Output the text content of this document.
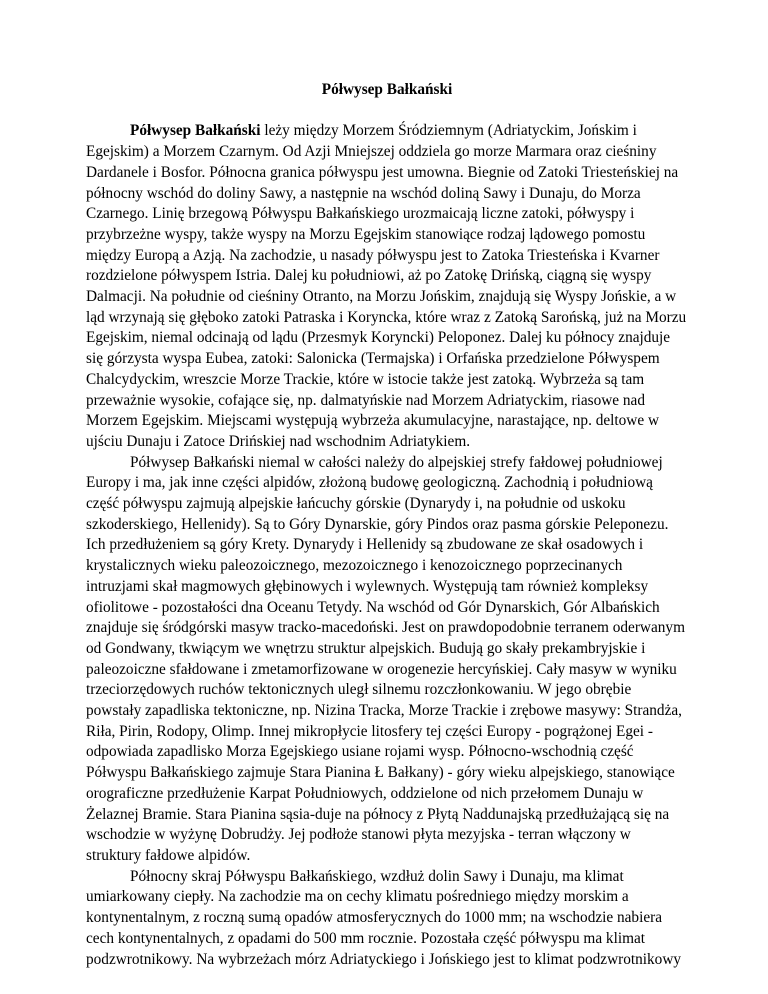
Półwysep Bałkański

Półwysep Bałkański leży między Morzem Śródziemnym (Adriatyckim, Jońskim i Egejskim) a Morzem Czarnym. Od Azji Mniejszej oddziela go morze Marmara oraz cieśniny Dardanele i Bosfor. Północna granica półwyspu jest umowna. Biegnie od Zatoki Triesteńskiej na północny wschód do doliny Sawy, a następnie na wschód doliną Sawy i Dunaju, do Morza Czarnego. Linię brzegową Półwyspu Bałkańskiego urozmaicają liczne zatoki, półwyspy i przybrzeżne wyspy, także wyspy na Morzu Egejskim stanowiące rodzaj lądowego pomostu między Europą a Azją. Na zachodzie, u nasady półwyspu jest to Zatoka Triesteńska i Kvarner rozdzielone półwyspem Istria. Dalej ku południowi, aż po Zatokę Drińską, ciągną się wyspy Dalmacji. Na południe od cieśniny Otranto, na Morzu Jońskim, znajdują się Wyspy Jońskie, a w ląd wrzynają się głęboko zatoki Patraska i Koryncka, które wraz z Zatoką Sarońską, już na Morzu Egejskim, niemal odcinają od lądu (Przesmyk Koryncki) Peloponez. Dalej ku północy znajduje się górzysta wyspa Eubea, zatoki: Salonicka (Termajska) i Orfańska przedzielone Półwyspem Chalcydyckim, wreszcie Morze Trackie, które w istocie także jest zatoką. Wybrzeża są tam przeważnie wysokie, cofające się, np. dalmatyńskie nad Morzem Adriatyckim, riasowe nad Morzem Egejskim. Miejscami występują wybrzeża akumulacyjne, narastające, np. deltowe w ujściu Dunaju i Zatoce Drińskiej nad wschodnim Adriatykiem.

Półwysep Bałkański niemal w całości należy do alpejskiej strefy fałdowej południowej Europy i ma, jak inne części alpidów, złożoną budowę geologiczną. Zachodnią i południową część półwyspu zajmują alpejskie łańcuchy górskie (Dynarydy i, na południe od uskoku szkoderskiego, Hellenidy). Są to Góry Dynarskie, góry Pindos oraz pasma górskie Peleponezu. Ich przedłużeniem są góry Krety. Dynarydy i Hellenidy są zbudowane ze skał osadowych i krystalicznych wieku paleozoicznego, mezozoicznego i kenozoicznego poprzecinanych intruzjami skał magmowych głębinowych i wylewnych. Występują tam również kompleksy ofiolitowe - pozostałości dna Oceanu Tetydy. Na wschód od Gór Dynarskich, Gór Albańskich znajduje się śródgórski masyw tracko-macedoński. Jest on prawdopodobnie terranem oderwanym od Gondwany, tkwiącym we wnętrzu struktur alpejskich. Budują go skały prekambryjskie i paleozoiczne sfałdowane i zmetamorfizowane w orogenezie hercyńskiej. Cały masyw w wyniku trzeciorzędowych ruchów tektonicznych uległ silnemu rozczłonkowaniu. W jego obrębie powstały zapadliska tektoniczne, np. Nizina Tracka, Morze Trackie i zrębowe masywy: Strandża, Riła, Pirin, Rodopy, Olimp. Innej mikropłycie litosfery tej części Europy - pogrążonej Egei - odpowiada zapadlisko Morza Egejskiego usiane rojami wysp. Północno-wschodnią część Półwyspu Bałkańskiego zajmuje Stara Pianina Ł Bałkany) - góry wieku alpejskiego, stanowiące orograficzne przedłużenie Karpat Południowych, oddzielone od nich przełomem Dunaju w Żelaznej Bramie. Stara Pianina sąsia-duje na północy z Płytą Naddunajską przedłużającą się na wschodzie w wyżynę Dobrudży. Jej podłoże stanowi płyta mezyjska - terran włączony w struktury fałdowe alpidów.

Północny skraj Półwyspu Bałkańskiego, wzdłuż dolin Sawy i Dunaju, ma klimat umiarkowany ciepły. Na zachodzie ma on cechy klimatu pośredniego między morskim a kontynentalnym, z roczną sumą opadów atmosferycznych do 1000 mm; na wschodzie nabiera cech kontynentalnych, z opadami do 500 mm rocznie. Pozostała część półwyspu ma klimat podzwrotnikowy. Na wybrzeżach mórz Adriatyckiego i Jońskiego jest to klimat podzwrotnikowy
